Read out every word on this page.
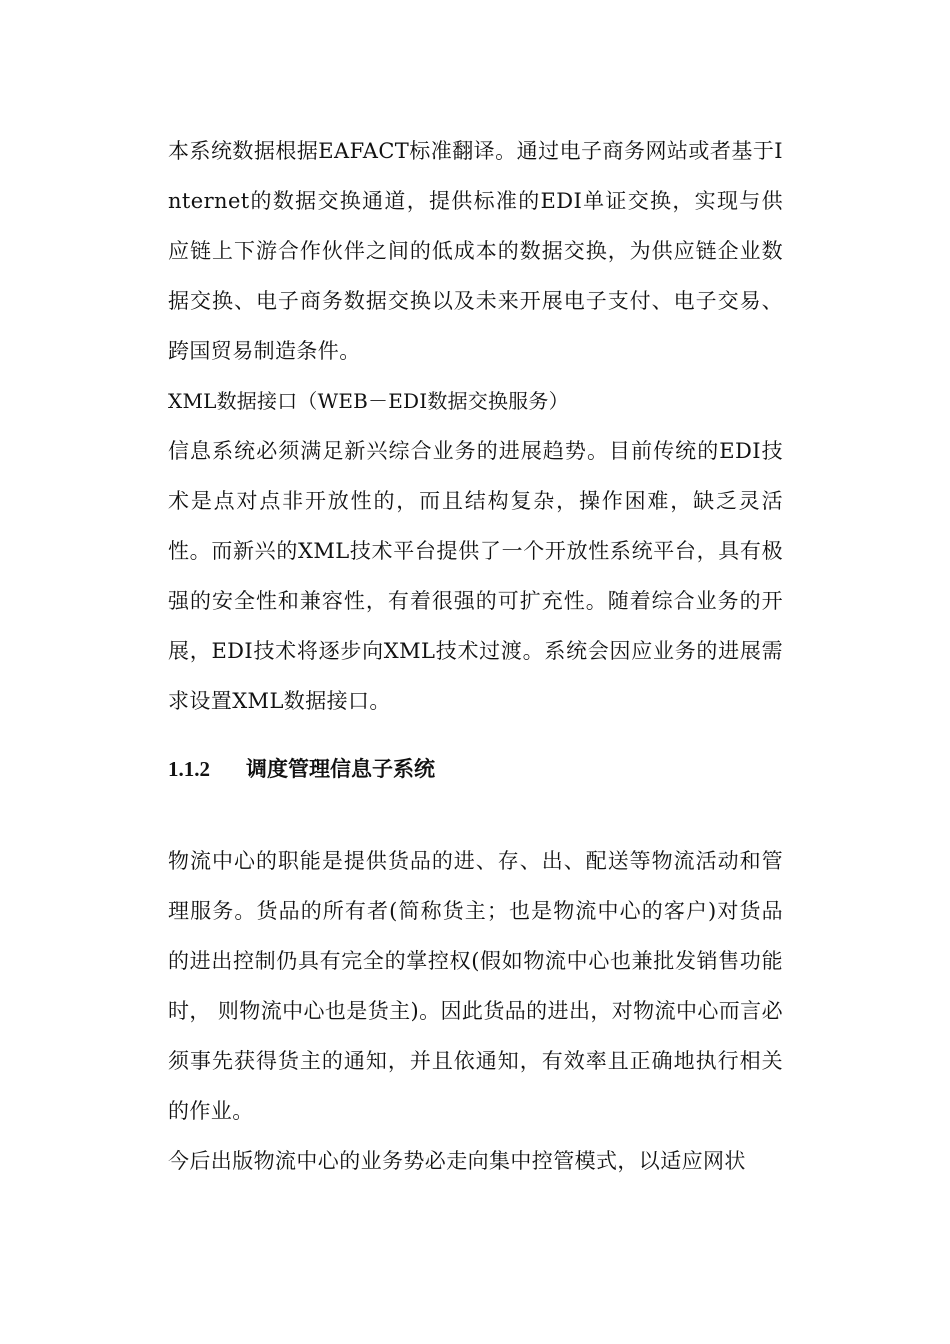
本系统数据根据EAFACT标准翻译。通过电子商务网站或者基于Internet的数据交换通道，提供标准的EDI单证交换，实现与供应链上下游合作伙伴之间的低成本的数据交换，为供应链企业数据交换、电子商务数据交换以及未来开展电子支付、电子交易、跨国贸易制造条件。

XML数据接口（WEB－EDI数据交换服务）

信息系统必须满足新兴综合业务的进展趋势。目前传统的EDI技术是点对点非开放性的，而且结构复杂，操作困难，缺乏灵活性。而新兴的XML技术平台提供了一个开放性系统平台，具有极强的安全性和兼容性，有着很强的可扩充性。随着综合业务的开展，EDI技术将逐步向XML技术过渡。系统会因应业务的进展需求设置XML数据接口。

1.1.2 调度管理信息子系统

物流中心的职能是提供货品的进、存、出、配送等物流活动和管理服务。货品的所有者(简称货主；也是物流中心的客户)对货品的进出控制仍具有完全的掌控权(假如物流中心也兼批发销售功能时， 则物流中心也是货主)。因此货品的进出，对物流中心而言必须事先获得货主的通知，并且依通知，有效率且正确地执行相关的作业。

今后出版物流中心的业务势必走向集中控管模式，以适应网状
